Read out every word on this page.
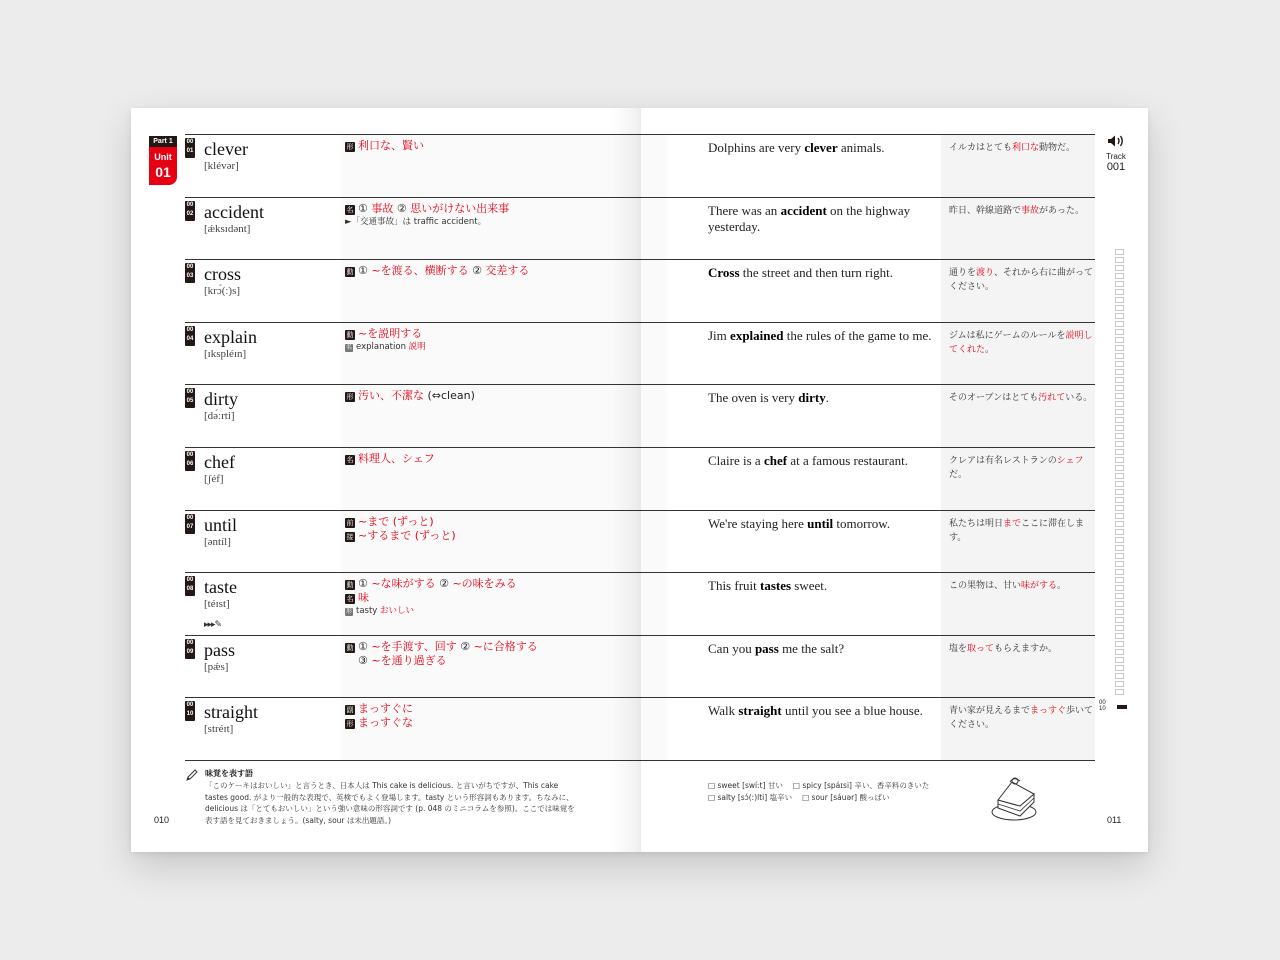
Part 1
Unit
01
Track
001
00
01 clever
[klévər]
形 利口な、賢い	Dolphins are very clever animals.	イルカはとても利口な動物だ。
00
02 accident
[ǽksɪdənt]
名 ① 事故 ② 思いがけない出来事
►「交通事故」は traffic accident。
There was an accident on the highway yesterday.
昨日、幹線道路で事故があった。
00
03 cross
[krɔ́(ː)s]
動 ① ~を渡る、横断する ② 交差する	Cross the street and then turn right.	通りを渡り、それから右に曲がってください。
00
04 explain
[ɪkspléɪn]
動 ~を説明する
名 explanation 説明
Jim explained the rules of the game to me.	ジムは私にゲームのルールを説明してくれた。
00
05 dirty
[də́ːrti]
形 汚い、不潔な (⇔clean)	The oven is very dirty.	そのオーブンはとても汚れている。
00
06 chef
[ʃéf]
名 料理人、シェフ	Claire is a chef at a famous restaurant.	クレアは有名レストランのシェフだ。
00
07 until
[əntíl]
前 ~まで (ずっと)
接 ~するまで (ずっと)
We're staying here until tomorrow.	私たちは明日までここに滞在します。
00
08 taste
[téɪst]
▸▸▸✎
動 ① ~な味がする ② ~の味をみる
名 味
形 tasty おいしい
This fruit tastes sweet.	この果物は、甘い味がする。
00
09 pass
[pǽs]
動 ① ~を手渡す、回す ② ~に合格する
③ ~を通り過ぎる
Can you pass me the salt?	塩を取ってもらえますか。
00
10 straight
[stréɪt]
副 まっすぐに
形 まっすぐな
Walk straight until you see a blue house.	青い家が見えるまでまっすぐ歩いてください。
味覚を表す語
「このケーキはおいしい」と言うとき、日本人は This cake is delicious. と言いがちですが、This cake tastes good. がより一般的な表現で、英検でもよく登場します。tasty という形容詞もあります。ちなみに、delicious は「とてもおいしい」という強い意味の形容詞です (p. 048 のミニコラムを参照)。ここでは味覚を表す語を見ておきましょう。(salty, sour は未出題語。)
□ sweet [swíːt] 甘い □ spicy [spáɪsi] 辛い、香辛料のきいた
□ salty [sɔ́(ː)lti] 塩辛い □ sour [sáuər] 酸っぱい
010	011
00
10
